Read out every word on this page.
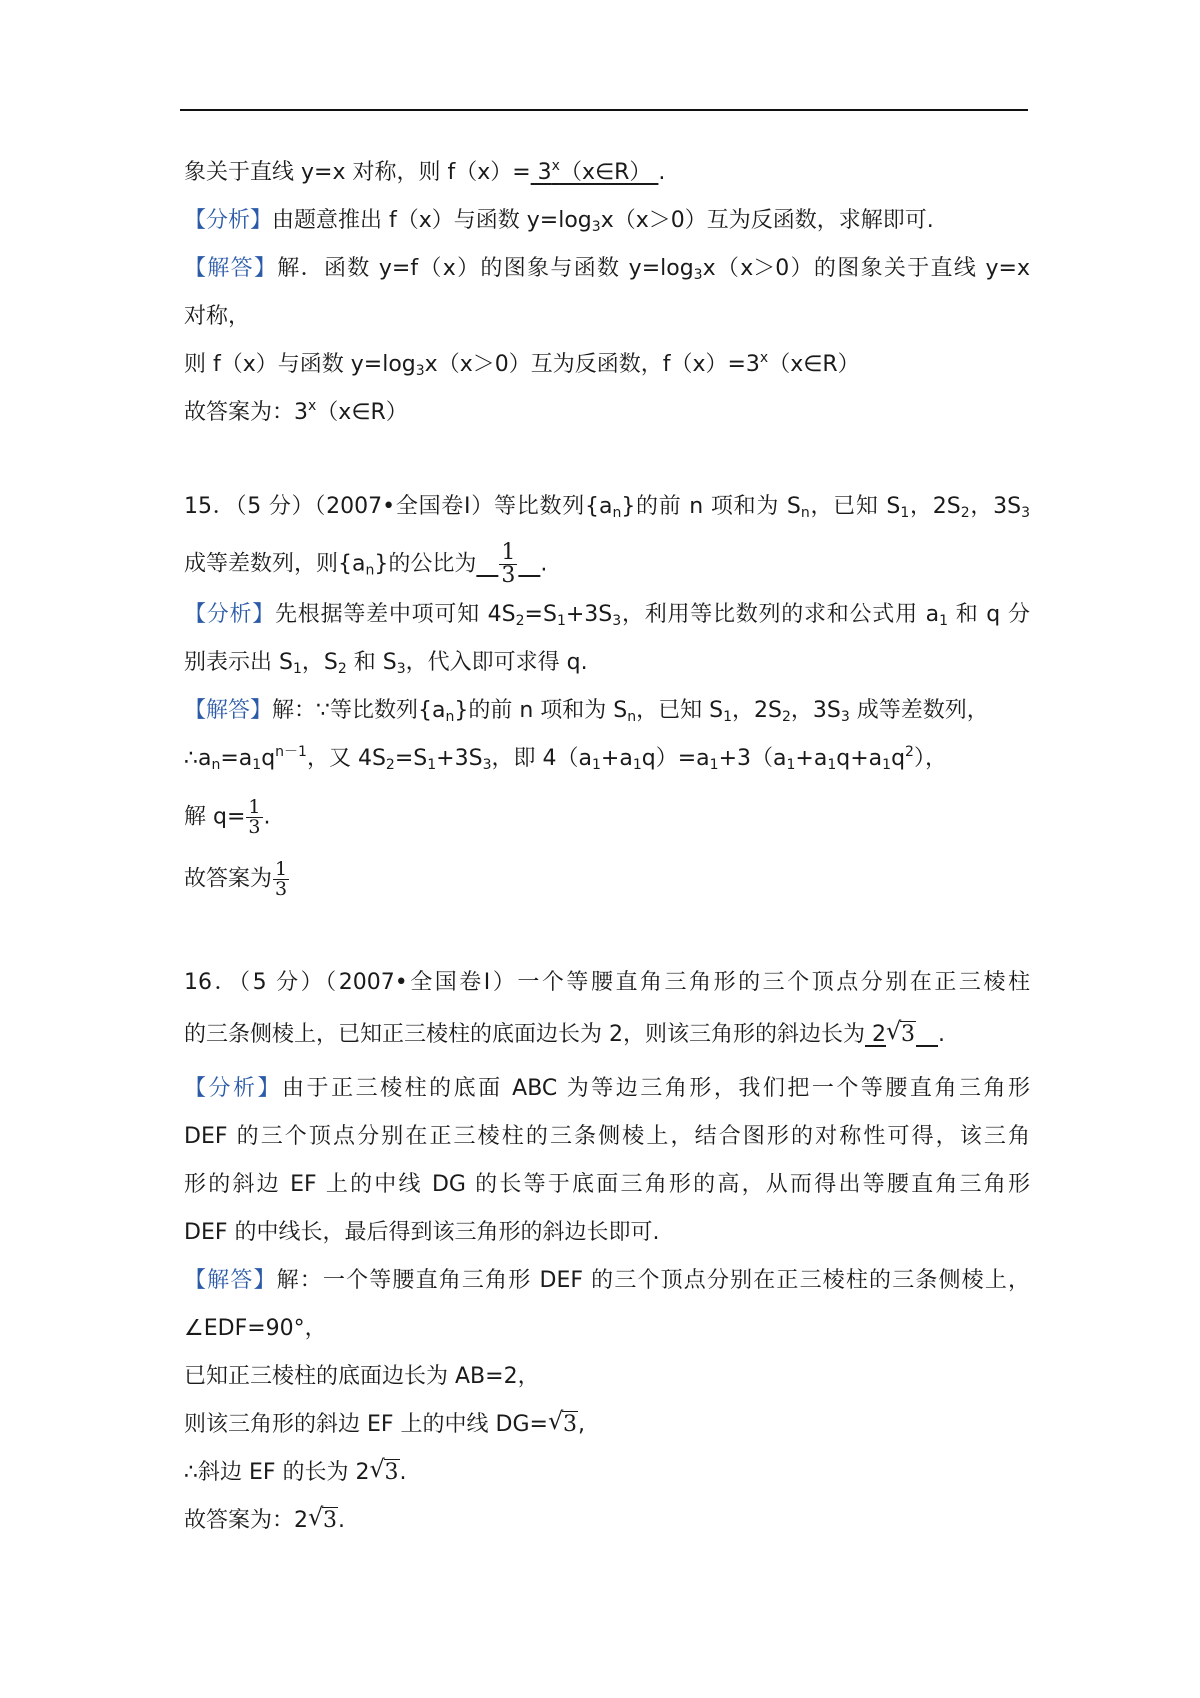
象关于直线 y=x 对称，则 $f(x)= 3^x(x\in R)$ .
【分析】由题意推出 f（x）与函数 $y=\log_3x(x>0)$互为反函数，求解即可.
【解答】解．函数 y=f（x）的图象与函数 $y=\log_3x(x>0)$的图象关于直线 y=x
对称，
则 f（x）与函数 $y=\log_3x(x>0)$互为反函数，$f(x)=3^x(x\in R)$
故答案为：3$^x$（x∈R）
15．（5 分）（2007•全国卷Ⅰ）等比数列$\{a_n\}$的前 n 项和为 $S_n$，已知 $S_1$，$2S_2$，$3S_3$
成等差数列，则$\{a_n\}$的公比为  $\frac{1}{3}$
  .
【分析】先根据等差中项可知 $4S_2=S_1+3S_3$，利用等比数列的求和公式用 $a_1$ 和 q 分
别表示出 $S_1$，$S_2$ 和 $S_3$，代入即可求得 q.
【解答】解：∵等比数列$\{a_n\}$的前 n 项和为 $S_n$，已知 $S_1$，$2S_2$，$3S_3$ 成等差数列，
$\therefore a_n=a_1q^{n-1}$，又 $4S_2=S_1+3S_3$，即 $4(a_1+a_1q)=a_1+3(a_1+a_1q+a_1q^2)$，
解 $q= \frac{1}{3}$ .
故答案为 $\frac{1}{3}$
16．（5 分）（2007•全国卷Ⅰ）一个等腰直角三角形的三个顶点分别在正三棱柱
的三条侧棱上，已知正三棱柱的底面边长为 2，则该三角形的斜边长为 2 √ 3  .
【分析】由于正三棱柱的底面 ABC 为等边三角形，我们把一个等腰直角三角形
DEF 的三个顶点分别在正三棱柱的三条侧棱上，结合图形的对称性可得，该三角
形的斜边 EF 上的中线 DG 的长等于底面三角形的高，从而得出等腰直角三角形
DEF 的中线长，最后得到该三角形的斜边长即可.
【解答】解：一个等腰直角三角形 DEF 的三个顶点分别在正三棱柱的三条侧棱上，
∠EDF=90°，
已知正三棱柱的底面边长为 AB=2，
则该三角形的斜边 EF 上的中线 DG= √ 3,
∴斜边 EF 的长为 2 √ 3.
故答案为：2 √ 3.
